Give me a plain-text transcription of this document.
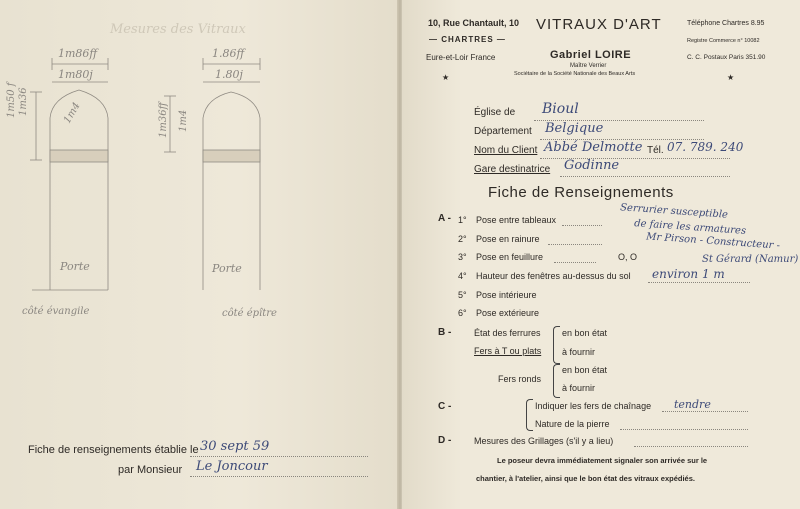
Mesures des Vitraux
1m86ff
1m80j
1m50 f 1m36	1m4
Porte
côté évangile
1.86ff
1.80j
1m36ff 1m4
Porte
côté épître
Fiche de renseignements établie le 30 sept 59
par Monsieur Le Joncour
10, Rue Chantault, 10
— CHARTRES —
Eure-et-Loir France
★
VITRAUX D'ART
Gabriel LOIRE
Maître Verrier
Sociétaire de la Société Nationale des Beaux Arts
Téléphone Chartres 8.95
Registre Commerce n° 10082
C. C. Postaux Paris 351.90
★
Église de Bioul
Département Belgique
Nom du Client Abbé Delmotte Tél. 07. 789. 240
Gare destinatrice Godinne
Fiche de Renseignements
A - 1° Pose entre tableaux
2° Pose en rainure
3° Pose en feuillure	O, O
4° Hauteur des fenêtres au-dessus du sol environ 1 m
5° Pose intérieure
6° Pose extérieure
Serrurier susceptible
de faire les armatures
Mr Pirson - Constructeur -
St Gérard (Namur)
B -	État des ferrures
Fers à T ou plats
en bon état
à fournir
Fers ronds
en bon état
à fournir
C -	Indiquer les fers de chaînage tendre
Nature de la pierre
D -	Mesures des Grillages (s'il y a lieu)
Le poseur devra immédiatement signaler son arrivée sur le
chantier, à l'atelier, ainsi que le bon état des vitraux expédiés.
